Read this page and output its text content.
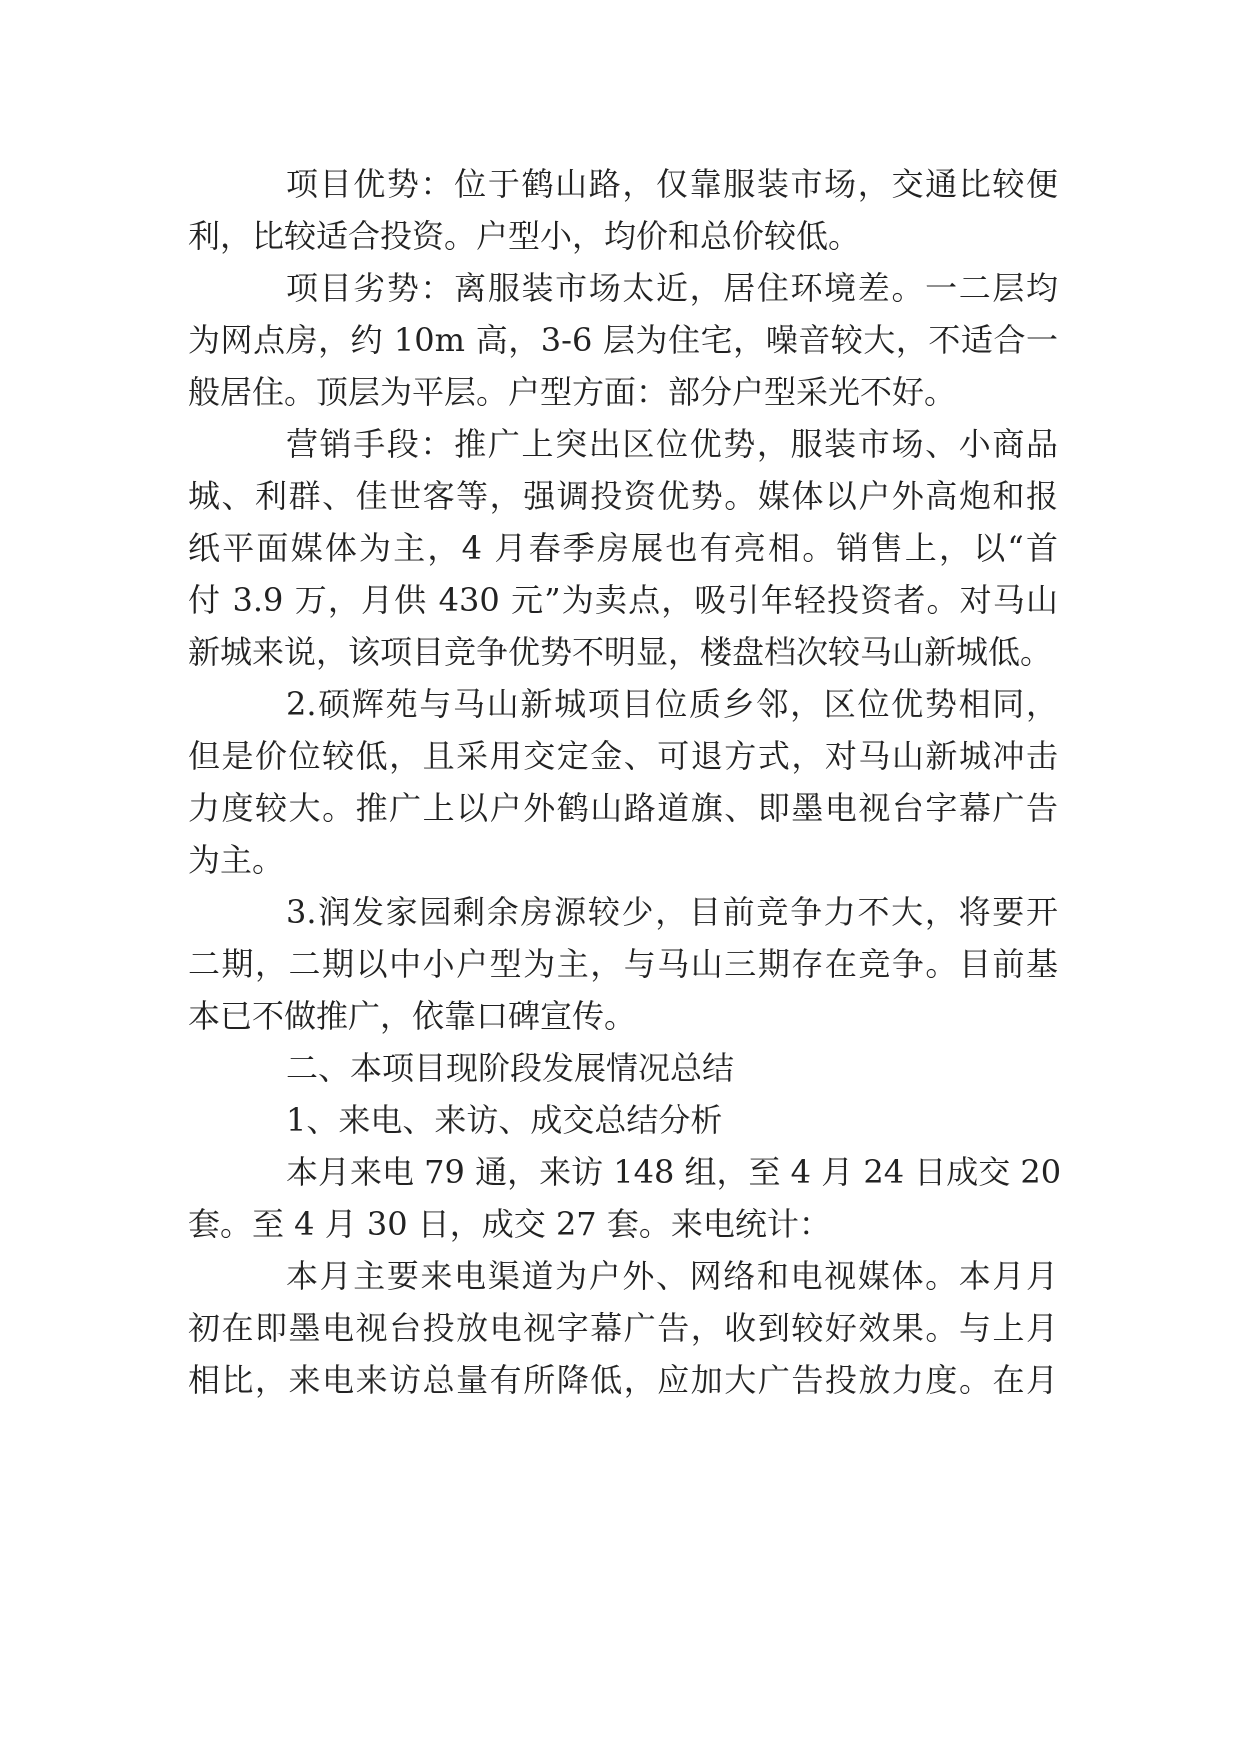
项目优势：位于鹤山路，仅靠服装市场，交通比较便
利，比较适合投资。户型小，均价和总价较低。
项目劣势：离服装市场太近，居住环境差。一二层均
为网点房，约 10m 高，3-6 层为住宅，噪音较大，不适合一
般居住。顶层为平层。户型方面：部分户型采光不好。
营销手段：推广上突出区位优势，服装市场、小商品
城、利群、佳世客等，强调投资优势。媒体以户外高炮和报
纸平面媒体为主，4 月春季房展也有亮相。销售上，以“首
付 3.9 万，月供 430 元”为卖点，吸引年轻投资者。对马山
新城来说，该项目竞争优势不明显，楼盘档次较马山新城低。
2.硕辉苑与马山新城项目位质乡邻，区位优势相同，
但是价位较低，且采用交定金、可退方式，对马山新城冲击
力度较大。推广上以户外鹤山路道旗、即墨电视台字幕广告
为主。
3.润发家园剩余房源较少，目前竞争力不大，将要开
二期，二期以中小户型为主，与马山三期存在竞争。目前基
本已不做推广，依靠口碑宣传。
二、本项目现阶段发展情况总结
1、来电、来访、成交总结分析
本月来电 79 通，来访 148 组，至 4 月 24 日成交 20
套。至 4 月 30 日，成交 27 套。来电统计：
本月主要来电渠道为户外、网络和电视媒体。本月月
初在即墨电视台投放电视字幕广告，收到较好效果。与上月
相比，来电来访总量有所降低，应加大广告投放力度。在月
